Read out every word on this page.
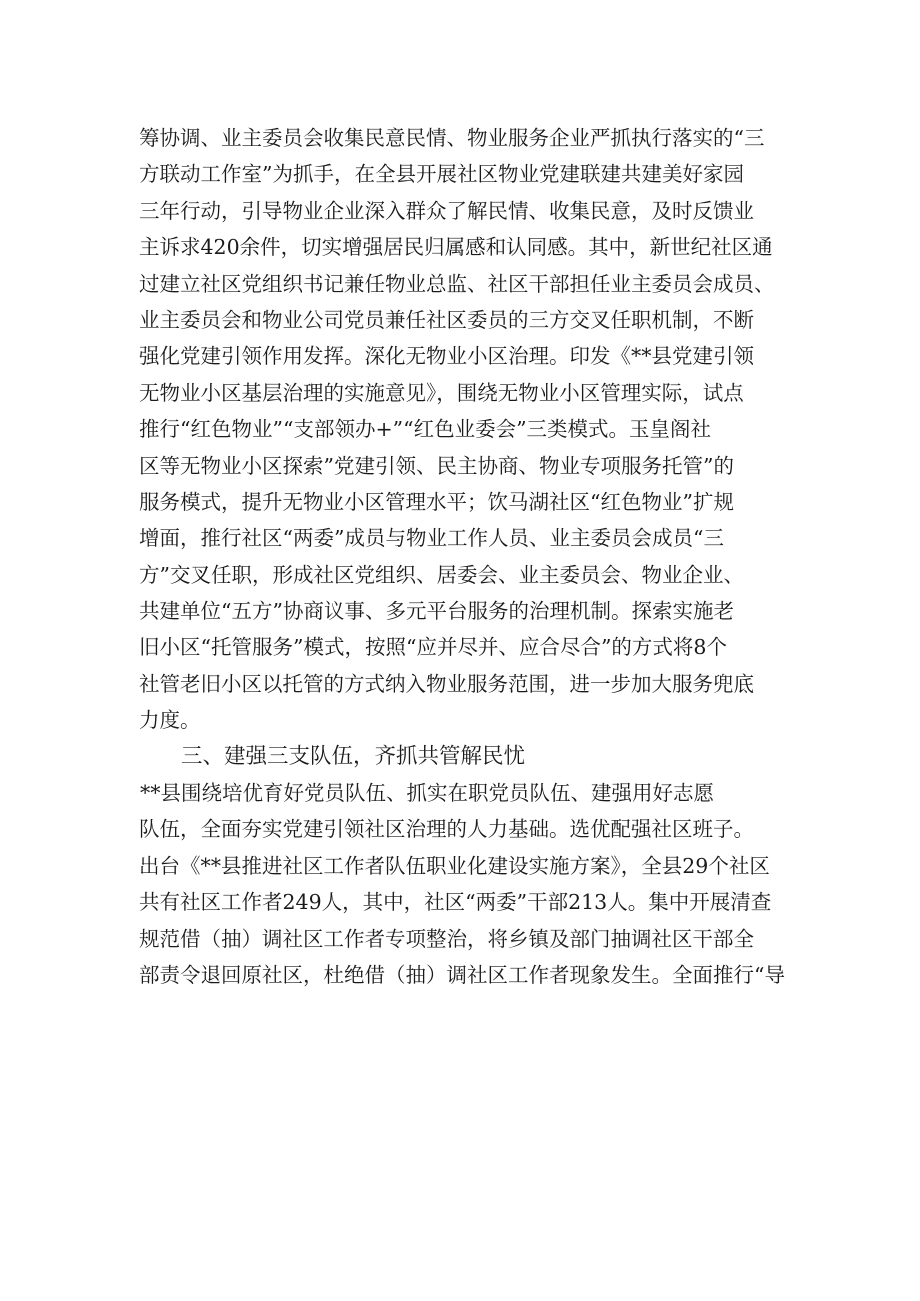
筹协调、业主委员会收集民意民情、物业服务企业严抓执行落实的“三
方联动工作室”为抓手，在全县开展社区物业党建联建共建美好家园
三年行动，引导物业企业深入群众了解民情、收集民意，及时反馈业
主诉求420余件，切实增强居民归属感和认同感。其中，新世纪社区通
过建立社区党组织书记兼任物业总监、社区干部担任业主委员会成员、
业主委员会和物业公司党员兼任社区委员的三方交叉任职机制，不断
强化党建引领作用发挥。深化无物业小区治理。印发《**县党建引领
无物业小区基层治理的实施意见》，围绕无物业小区管理实际，试点
推行“红色物业”“支部领办+”“红色业委会”三类模式。玉皇阁社
区等无物业小区探索”党建引领、民主协商、物业专项服务托管”的
服务模式，提升无物业小区管理水平；饮马湖社区“红色物业”扩规
增面，推行社区“两委”成员与物业工作人员、业主委员会成员“三
方”交叉任职，形成社区党组织、居委会、业主委员会、物业企业、
共建单位“五方”协商议事、多元平台服务的治理机制。探索实施老
旧小区“托管服务”模式，按照“应并尽并、应合尽合”的方式将8个
社管老旧小区以托管的方式纳入物业服务范围，进一步加大服务兜底
力度。
三、建强三支队伍，齐抓共管解民忧
**县围绕培优育好党员队伍、抓实在职党员队伍、建强用好志愿
队伍，全面夯实党建引领社区治理的人力基础。选优配强社区班子。
出台《**县推进社区工作者队伍职业化建设实施方案》，全县29个社区
共有社区工作者249人，其中，社区“两委”干部213人。集中开展清查
规范借（抽）调社区工作者专项整治，将乡镇及部门抽调社区干部全
部责令退回原社区，杜绝借（抽）调社区工作者现象发生。全面推行“导
